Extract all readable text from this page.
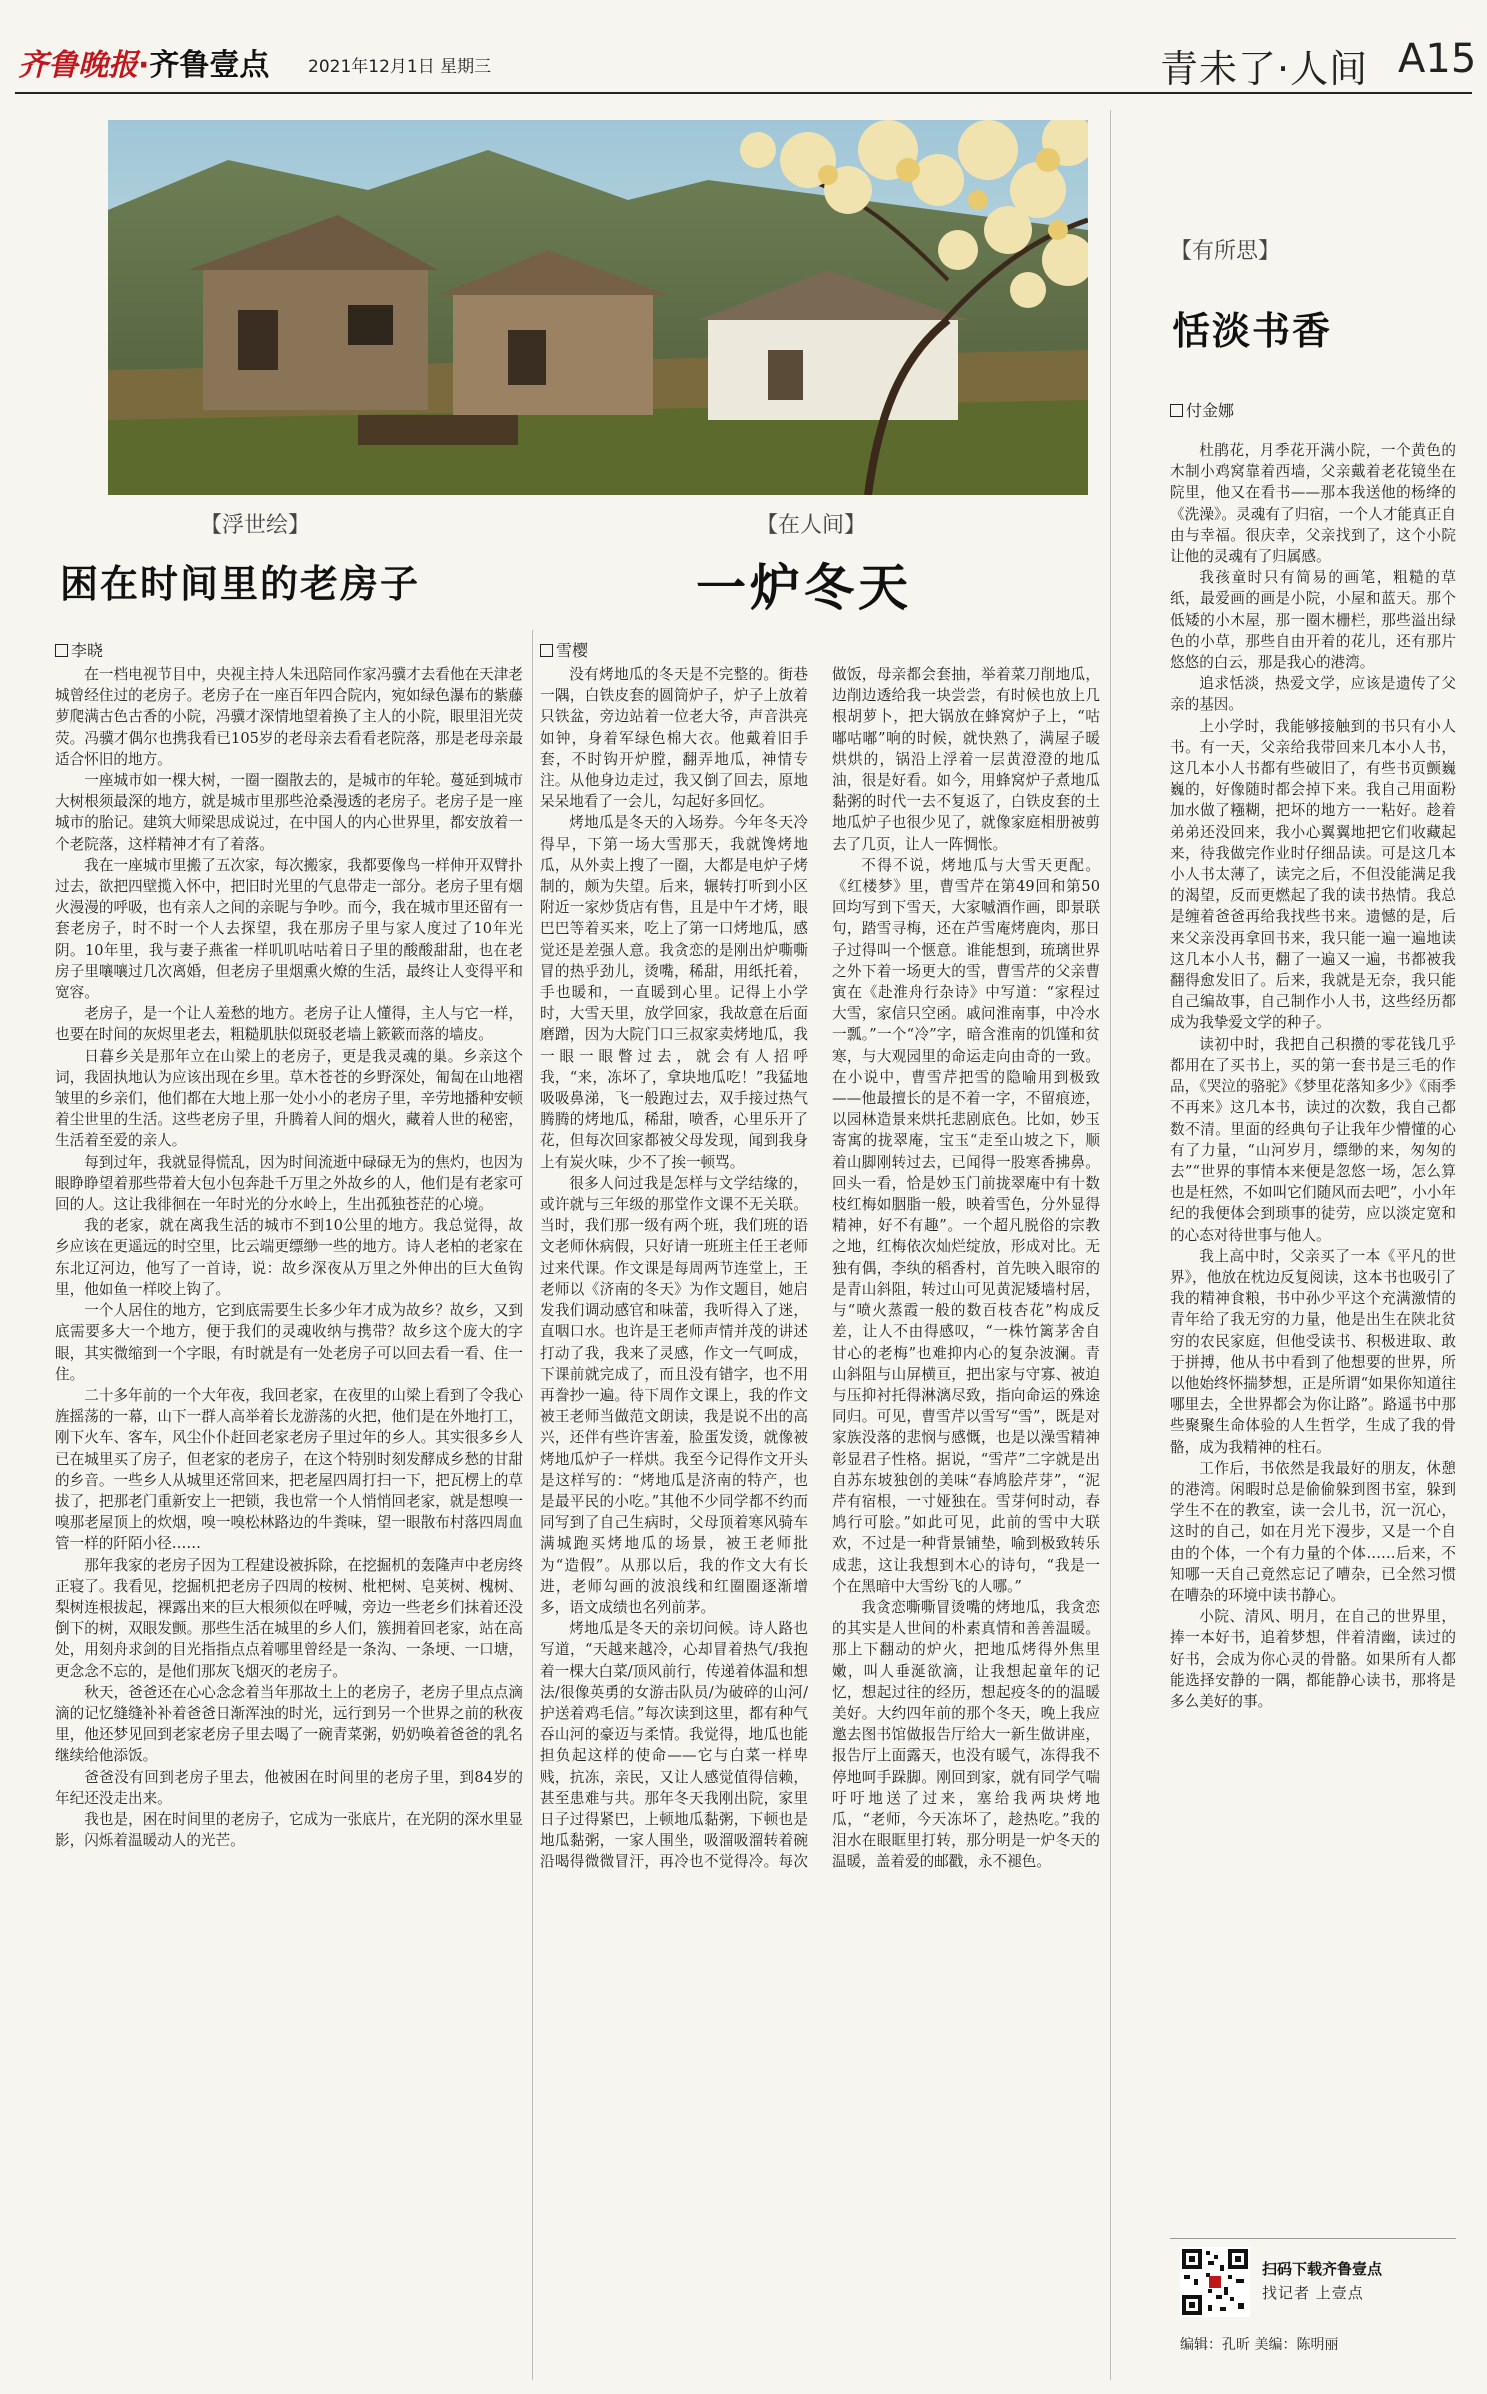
齐鲁晚报·齐鲁壹点 2021年12月1日 星期三	青未了·人间 A15
【浮世绘】
困在时间里的老房子
李晓

在一档电视节目中，央视主持人朱迅陪同作家冯骥才去看他在天津老城曾经住过的老房子。老房子在一座百年四合院内，宛如绿色瀑布的紫藤萝爬满古色古香的小院，冯骥才深情地望着换了主人的小院，眼里泪光荧荧。冯骥才偶尔也携我看已105岁的老母亲去看看老院落，那是老母亲最适合怀旧的地方。

一座城市如一棵大树，一圈一圈散去的，是城市的年轮。蔓延到城市大树根须最深的地方，就是城市里那些沧桑漫透的老房子。老房子是一座城市的胎记。建筑大师梁思成说过，在中国人的内心世界里，都安放着一个老院落，这样精神才有了着落。

我在一座城市里搬了五次家，每次搬家，我都要像鸟一样伸开双臂扑过去，欲把四壁揽入怀中，把旧时光里的气息带走一部分。老房子里有烟火漫漫的呼吸，也有亲人之间的亲昵与争吵。而今，我在城市里还留有一套老房子，时不时一个人去探望，我在那房子里与家人度过了10年光阴。10年里，我与妻子燕雀一样叽叽咕咕着日子里的酸酸甜甜，也在老房子里嚷嚷过几次离婚，但老房子里烟熏火燎的生活，最终让人变得平和宽容。

老房子，是一个让人羞愁的地方。老房子让人懂得，主人与它一样，也要在时间的灰烬里老去，粗糙肌肤似斑驳老墙上簌簌而落的墙皮。

日暮乡关是那年立在山梁上的老房子，更是我灵魂的巢。乡亲这个词，我固执地认为应该出现在乡里。草木苍苍的乡野深处，匍匐在山地褶皱里的乡亲们，他们都在大地上那一处小小的老房子里，辛劳地播种安顿着尘世里的生活。这些老房子里，升腾着人间的烟火，藏着人世的秘密，生活着至爱的亲人。

每到过年，我就显得慌乱，因为时间流逝中碌碌无为的焦灼，也因为眼睁睁望着那些带着大包小包奔赴千万里之外故乡的人，他们是有老家可回的人。这让我徘徊在一年时光的分水岭上，生出孤独苍茫的心境。

我的老家，就在离我生活的城市不到10公里的地方。我总觉得，故乡应该在更遥远的时空里，比云端更缥缈一些的地方。诗人老柏的老家在东北辽河边，他写了一首诗，说：故乡深夜从万里之外伸出的巨大鱼钩里，他如鱼一样咬上钩了。

一个人居住的地方，它到底需要生长多少年才成为故乡？故乡，又到底需要多大一个地方，便于我们的灵魂收纳与携带？故乡这个庞大的字眼，其实微缩到一个字眼，有时就是有一处老房子可以回去看一看、住一住。

二十多年前的一个大年夜，我回老家，在夜里的山梁上看到了令我心旌摇荡的一幕，山下一群人高举着长龙游荡的火把，他们是在外地打工，刚下火车、客车，风尘仆仆赶回老家老房子里过年的乡人。其实很多乡人已在城里买了房子，但老家的老房子，在这个特别时刻发酵成乡愁的甘甜的乡音。一些乡人从城里还常回来，把老屋四周打扫一下，把瓦楞上的草拔了，把那老门重新安上一把锁，我也常一个人悄悄回老家，就是想嗅一嗅那老屋顶上的炊烟，嗅一嗅松林路边的牛粪味，望一眼散布村落四周血管一样的阡陌小径……

那年我家的老房子因为工程建设被拆除，在挖掘机的轰隆声中老房终正寝了。我看见，挖掘机把老房子四周的桉树、枇杷树、皂荚树、槐树、梨树连根拔起，裸露出来的巨大根须似在呼喊，旁边一些老乡们抹着还没倒下的树，双眼发颤。那些生活在城里的乡人们，簇拥着回老家，站在高处，用刻舟求剑的目光指指点点着哪里曾经是一条沟、一条埂、一口塘，更念念不忘的，是他们那灰飞烟灭的老房子。

秋天，爸爸还在心心念念着当年那故土上的老房子，老房子里点点滴滴的记忆缝缝补补着爸爸日渐浑浊的时光，远行到另一个世界之前的秋夜里，他还梦见回到老家老房子里去喝了一碗青菜粥，奶奶唤着爸爸的乳名继续给他添饭。

爸爸没有回到老房子里去，他被困在时间里的老房子里，到84岁的年纪还没走出来。

我也是，困在时间里的老房子，它成为一张底片，在光阴的深水里显影，闪烁着温暖动人的光芒。

【在人间】
一炉冬天
雪樱

没有烤地瓜的冬天是不完整的。街巷一隅，白铁皮套的圆筒炉子，炉子上放着只铁盆，旁边站着一位老大爷，声音洪亮如钟，身着军绿色棉大衣。他戴着旧手套，不时钩开炉膛，翻弄地瓜，神情专注。从他身边走过，我又倒了回去，原地呆呆地看了一会儿，勾起好多回忆。

烤地瓜是冬天的入场券。今年冬天冷得早，下第一场大雪那天，我就馋烤地瓜，从外卖上搜了一圈，大都是电炉子烤制的，颇为失望。后来，辗转打听到小区附近一家炒货店有售，且是中午才烤，眼巴巴等着买来，吃上了第一口烤地瓜，感觉还是差强人意。我贪恋的是刚出炉嘶嘶冒的热乎劲儿，烫嘴，稀甜，用纸托着，手也暖和，一直暖到心里。记得上小学时，大雪天里，放学回家，我故意在后面磨蹭，因为大院门口三叔家卖烤地瓜，我一眼一眼瞥过去，就会有人招呼我，“来，冻坏了，拿块地瓜吃！”我猛地吸吸鼻涕，飞一般跑过去，双手接过热气腾腾的烤地瓜，稀甜，喷香，心里乐开了花，但每次回家都被父母发现，闻到我身上有炭火味，少不了挨一顿骂。

很多人问过我是怎样与文学结缘的，或许就与三年级的那堂作文课不无关联。当时，我们那一级有两个班，我们班的语文老师休病假，只好请一班班主任王老师过来代课。作文课是每周两节连堂上，王老师以《济南的冬天》为作文题目，她启发我们调动感官和味蕾，我听得入了迷，直咽口水。也许是王老师声情并茂的讲述打动了我，我来了灵感，作文一气呵成，下课前就完成了，而且没有错字，也不用再誊抄一遍。待下周作文课上，我的作文被王老师当做范文朗读，我是说不出的高兴，还伴有些许害羞，脸蛋发烫，就像被烤地瓜炉子一样烘。我至今记得作文开头是这样写的：“烤地瓜是济南的特产，也是最平民的小吃。”其他不少同学都不约而同写到了自己生病时，父母顶着寒风骑车满城跑买烤地瓜的场景，被王老师批为“造假”。从那以后，我的作文大有长进，老师勾画的波浪线和红圈圈逐渐增多，语文成绩也名列前茅。

烤地瓜是冬天的亲切问候。诗人路也写道，“天越来越冷，心却冒着热气/我抱着一棵大白菜/顶风前行，传递着体温和想法/很像英勇的女游击队员/为破碎的山河/护送着鸡毛信。”每次读到这里，都有种气吞山河的豪迈与柔情。我觉得，地瓜也能担负起这样的使命——它与白菜一样卑贱，抗冻，亲民，又让人感觉值得信赖，甚至患难与共。那年冬天我刚出院，家里日子过得紧巴，上顿地瓜黏粥，下顿也是地瓜黏粥，一家人围坐，吸溜吸溜转着碗沿喝得微微冒汗，再冷也不觉得冷。每次做饭，母亲都会套抽，举着菜刀削地瓜，边削边透给我一块尝尝，有时候也放上几根胡萝卜，把大锅放在蜂窝炉子上，“咕嘟咕嘟”响的时候，就快熟了，满屋子暖烘烘的，锅沿上浮着一层黄澄澄的地瓜油，很是好看。如今，用蜂窝炉子煮地瓜黏粥的时代一去不复返了，白铁皮套的土地瓜炉子也很少见了，就像家庭相册被剪去了几页，让人一阵惆怅。

不得不说，烤地瓜与大雪天更配。《红楼梦》里，曹雪芹在第49回和第50回均写到下雪天，大家嘁酒作画，即景联句，踏雪寻梅，还在芦雪庵烤鹿肉，那日子过得叫一个惬意。谁能想到，琉璃世界之外下着一场更大的雪，曹雪芹的父亲曹寅在《赴淮舟行杂诗》中写道：“家程过大雪，家信只空函。戚问淮南事，中冷水一瓢。”一个“冷”字，暗含淮南的饥馑和贫寒，与大观园里的命运走向由奇的一致。在小说中，曹雪芹把雪的隐喻用到极致——他最擅长的是不着一字，不留痕迹，以园林造景来烘托悲剧底色。比如，妙玉寄寓的拢翠庵，宝玉“走至山坡之下，顺着山脚刚转过去，已闻得一股寒香拂鼻。回头一看，恰是妙玉门前拢翠庵中有十数枝红梅如胭脂一般，映着雪色，分外显得精神，好不有趣”。一个超凡脱俗的宗教之地，红梅依次灿烂绽放，形成对比。无独有偶，李纨的稻香村，首先映入眼帘的是青山斜阻，转过山可见黄泥矮墙村居，与“喷火蒸霞一般的数百枝杏花”构成反差，让人不由得感叹，“一株竹篱茅舍自甘心的老梅”也难抑内心的复杂波澜。青山斜阻与山屏横亘，把出家与守寡、被迫与压抑衬托得淋漓尽致，指向命运的殊途同归。可见，曹雪芹以雪写“雪”，既是对家族没落的悲悯与感慨，也是以澡雪精神彰显君子性格。据说，“雪芹”二字就是出自苏东坡独创的美味“春鸠脍芹芽”，“泥芹有宿根，一寸娅独在。雪芽何时动，春鸠行可脍。”如此可见，此前的雪中大联欢，不过是一种背景铺垫，喻到极致转乐成悲，这让我想到木心的诗句，“我是一个在黑暗中大雪纷飞的人哪。”

我贪恋嘶嘶冒烫嘴的烤地瓜，我贪恋的其实是人世间的朴素真情和善善温暖。那上下翻动的炉火，把地瓜烤得外焦里嫩，叫人垂涎欲滴，让我想起童年的记忆，想起过往的经历，想起疫冬的的温暖美好。大约四年前的那个冬天，晚上我应邀去图书馆做报告厅给大一新生做讲座，报告厅上面露天，也没有暖气，冻得我不停地呵手跺脚。刚回到家，就有同学气喘吁吁地送了过来，塞给我两块烤地瓜，“老师，今天冻坏了，趁热吃。”我的泪水在眼眶里打转，那分明是一炉冬天的温暖，盖着爱的邮戳，永不褪色。

【有所思】
恬淡书香
付金娜

杜鹃花，月季花开满小院，一个黄色的木制小鸡窝靠着西墙，父亲戴着老花镜坐在院里，他又在看书——那本我送他的杨绛的《洗澡》。灵魂有了归宿，一个人才能真正自由与幸福。很庆幸，父亲找到了，这个小院让他的灵魂有了归属感。

我孩童时只有简易的画笔，粗糙的草纸，最爱画的画是小院，小屋和蓝天。那个低矮的小木屋，那一圈木栅栏，那些溢出绿色的小草，那些自由开着的花儿，还有那片悠悠的白云，那是我心的港湾。

追求恬淡，热爱文学，应该是遗传了父亲的基因。

上小学时，我能够接触到的书只有小人书。有一天，父亲给我带回来几本小人书，这几本小人书都有些破旧了，有些书页颤巍巍的，好像随时都会掉下来。我自己用面粉加水做了糨糊，把坏的地方一一粘好。趁着弟弟还没回来，我小心翼翼地把它们收藏起来，待我做完作业时仔细品读。可是这几本小人书太薄了，读完之后，不但没能满足我的渴望，反而更燃起了我的读书热情。我总是缠着爸爸再给我找些书来。遗憾的是，后来父亲没再拿回书来，我只能一遍一遍地读这几本小人书，翻了一遍又一遍，书都被我翻得愈发旧了。后来，我就是无奈，我只能自己编故事，自己制作小人书，这些经历都成为我挚爱文学的种子。

读初中时，我把自己积攒的零花钱几乎都用在了买书上，买的第一套书是三毛的作品，《哭泣的骆驼》《梦里花落知多少》《雨季不再来》这几本书，读过的次数，我自己都数不清。里面的经典句子让我年少懵懂的心有了力量，“山河岁月，缥缈的来，匆匆的去”“世界的事情本来便是忽悠一场，怎么算也是枉然，不如叫它们随风而去吧”，小小年纪的我便体会到琐事的徒劳，应以淡定宽和的心态对待世事与他人。

我上高中时，父亲买了一本《平凡的世界》，他放在枕边反复阅读，这本书也吸引了我的精神食粮，书中孙少平这个充满激情的青年给了我无穷的力量，他是出生在陕北贫穷的农民家庭，但他受读书、积极进取、敢于拼搏，他从书中看到了他想要的世界，所以他始终怀揣梦想，正是所谓“如果你知道往哪里去，全世界都会为你让路”。路遥书中那些聚聚生命体验的人生哲学，生成了我的骨骼，成为我精神的柱石。

工作后，书依然是我最好的朋友，休憩的港湾。闲暇时总是偷偷躲到图书室，躲到学生不在的教室，读一会儿书，沉一沉心，这时的自己，如在月光下漫步，又是一个自由的个体，一个有力量的个体……后来，不知哪一天自己竟然忘记了嘈杂，已全然习惯在嘈杂的环境中读书静心。

小院、清风、明月，在自己的世界里，捧一本好书，追着梦想，伴着清幽，读过的好书，会成为你心灵的骨骼。如果所有人都能选择安静的一隅，都能静心读书，那将是多么美好的事。

扫码下载齐鲁壹点
找记者 上壹点
编辑：孔昕 美编：陈明丽
